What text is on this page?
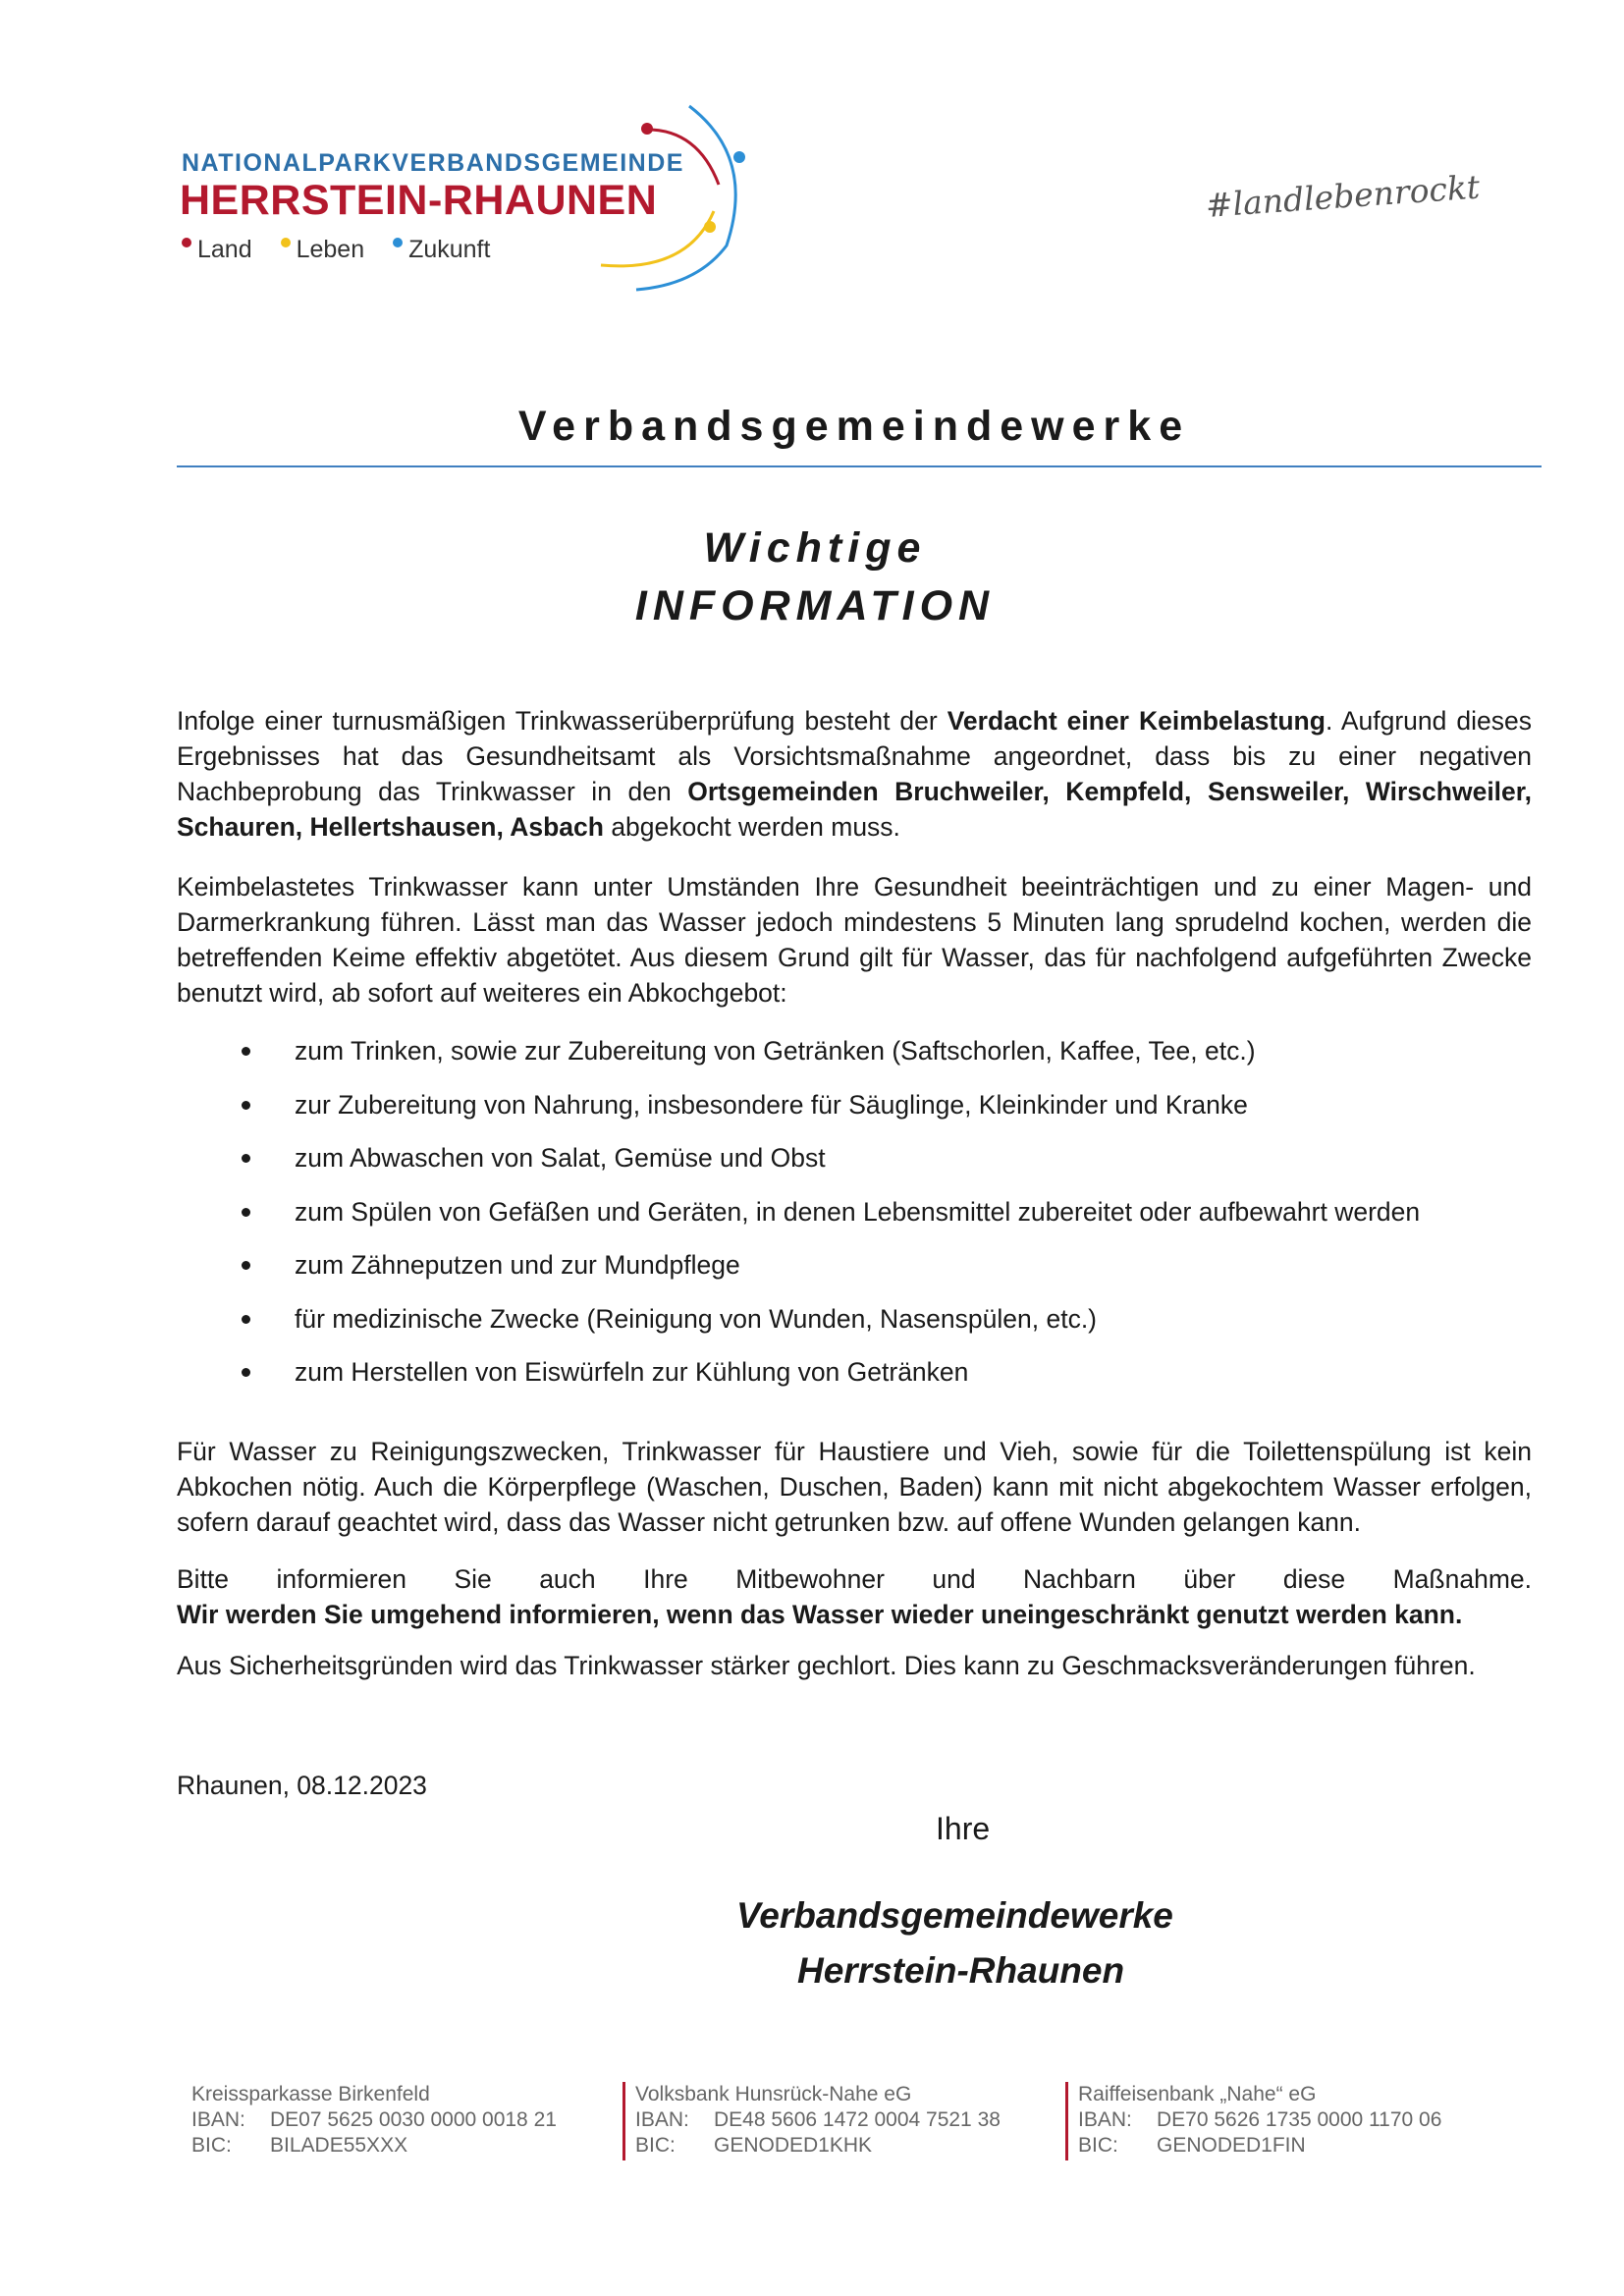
NATIONALPARKVERBANDSGEMEINDE
HERRSTEIN-RHAUNEN
Land Leben Zukunft
#landlebenrockt
Verbandsgemeindewerke
Wichtige
INFORMATION

Infolge einer turnusmäßigen Trinkwasserüberprüfung besteht der Verdacht einer Keimbelastung. Aufgrund dieses Ergebnisses hat das Gesundheitsamt als Vorsichtsmaßnahme angeordnet, dass bis zu einer negativen Nachbeprobung das Trinkwasser in den Ortsgemeinden Bruchweiler, Kempfeld, Sensweiler, Wirschweiler, Schauren, Hellertshausen, Asbach abgekocht werden muss.

Keimbelastetes Trinkwasser kann unter Umständen Ihre Gesundheit beeinträchtigen und zu einer Magen- und Darmerkrankung führen. Lässt man das Wasser jedoch mindestens 5 Minuten lang sprudelnd kochen, werden die betreffenden Keime effektiv abgetötet. Aus diesem Grund gilt für Wasser, das für nachfolgend aufgeführten Zwecke benutzt wird, ab sofort auf weiteres ein Abkochgebot:

zum Trinken, sowie zur Zubereitung von Getränken (Saftschorlen, Kaffee, Tee, etc.)
zur Zubereitung von Nahrung, insbesondere für Säuglinge, Kleinkinder und Kranke
zum Abwaschen von Salat, Gemüse und Obst
zum Spülen von Gefäßen und Geräten, in denen Lebensmittel zubereitet oder aufbewahrt werden
zum Zähneputzen und zur Mundpflege
für medizinische Zwecke (Reinigung von Wunden, Nasenspülen, etc.)
zum Herstellen von Eiswürfeln zur Kühlung von Getränken

Für Wasser zu Reinigungszwecken, Trinkwasser für Haustiere und Vieh, sowie für die Toilettenspülung ist kein Abkochen nötig. Auch die Körperpflege (Waschen, Duschen, Baden) kann mit nicht abgekochtem Wasser erfolgen, sofern darauf geachtet wird, dass das Wasser nicht getrunken bzw. auf offene Wunden gelangen kann.

Bitte informieren Sie auch Ihre Mitbewohner und Nachbarn über diese Maßnahme.

Wir werden Sie umgehend informieren, wenn das Wasser wieder uneingeschränkt genutzt werden kann.

Aus Sicherheitsgründen wird das Trinkwasser stärker gechlort. Dies kann zu Geschmacksveränderungen führen.

Rhaunen, 08.12.2023
Ihre
Verbandsgemeindewerke
Herrstein-Rhaunen
Kreissparkasse Birkenfeld
IBAN: DE07 5625 0030 0000 0018 21
BIC: BILADE55XXX
Volksbank Hunsrück-Nahe eG
IBAN: DE48 5606 1472 0004 7521 38
BIC: GENODED1KHK
Raiffeisenbank „Nahe“ eG
IBAN: DE70 5626 1735 0000 1170 06
BIC: GENODED1FIN
